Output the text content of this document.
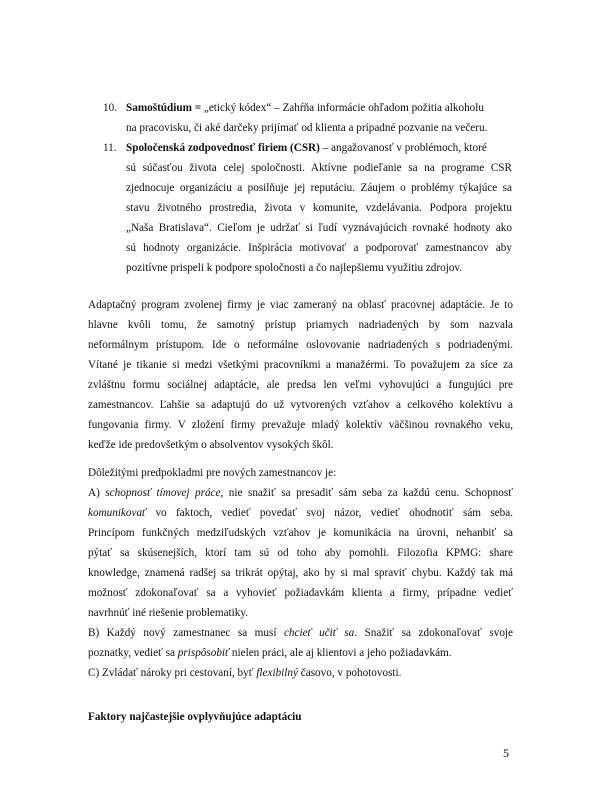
10. Samoštúdium = „etický kódex“ – Zahŕňa informácie ohľadom požitia alkoholu
na pracovisku, či aké darčeky prijímať od klienta a prípadné pozvanie na večeru.
11. Spoločenská zodpovednosť firiem (CSR) – angažovanosť v problémoch, ktoré
sú súčasťou života celej spoločnosti. Aktívne podieľanie sa na programe CSR
zjednocuje organizáciu a posilňuje jej reputáciu. Záujem o problémy týkajúce sa
stavu životného prostredia, života v komunite, vzdelávania. Podpora projektu
„Naša Bratislava“. Cieľom je udržať si ľudí vyznávajúcich rovnaké hodnoty ako
sú hodnoty organizácie. Inšpirácia motivovať a podporovať zamestnancov aby
pozitívne prispeli k podpore spoločnosti a čo najlepšiemu využitiu zdrojov.
Adaptačný program zvolenej firmy je viac zameraný na oblasť pracovnej adaptácie. Je to
hlavne kvôli tomu, že samotný prístup priamych nadriadených by som nazvala
neformálnym prístupom. Ide o neformálne oslovovanie nadriadených s podriadenými.
Vítané je tikanie si medzi všetkými pracovníkmi a manažérmi. To považujem za síce za
zvláštnu formu sociálnej adaptácie, ale predsa len veľmi vyhovujúci a fungujúci pre
zamestnancov. Ľahšie sa adaptujú do už vytvorených vzťahov a celkového kolektívu a
fungovania firmy. V zložení firmy prevažuje mladý kolektív väčšinou rovnakého veku,
keďže ide predovšetkým o absolventov vysokých škôl.
Dôležitými predpokladmi pre nových zamestnancov je:
A) schopnosť tímovej práce, nie snažiť sa presadiť sám seba za každú cenu. Schopnosť
komunikovať vo faktoch, vedieť povedať svoj názor, vedieť ohodnotiť sám seba.
Princípom funkčných medziľudských vzťahov je komunikácia na úrovni, nehanbiť sa
pýtať sa skúsenejších, ktorí tam sú od toho aby pomohli. Filozofia KPMG: share
knowledge, znamená radšej sa trikrát opýtaj, ako by si mal spraviť chybu. Každý tak má
možnosť zdokonaľovať sa a vyhovieť požiadavkám klienta a firmy, prípadne vedieť
navrhnúť iné riešenie problematiky.
B) Každý nový zamestnanec sa musí chcieť učiť sa. Snažiť sa zdokonaľovať svoje
poznatky, vedieť sa prispôsobiť nielen práci, ale aj klientovi a jeho požiadavkám.
C) Zvládať nároky pri cestovaní, byť flexibilný časovo, v pohotovosti.
Faktory najčastejšie ovplyvňujúce adaptáciu
5
